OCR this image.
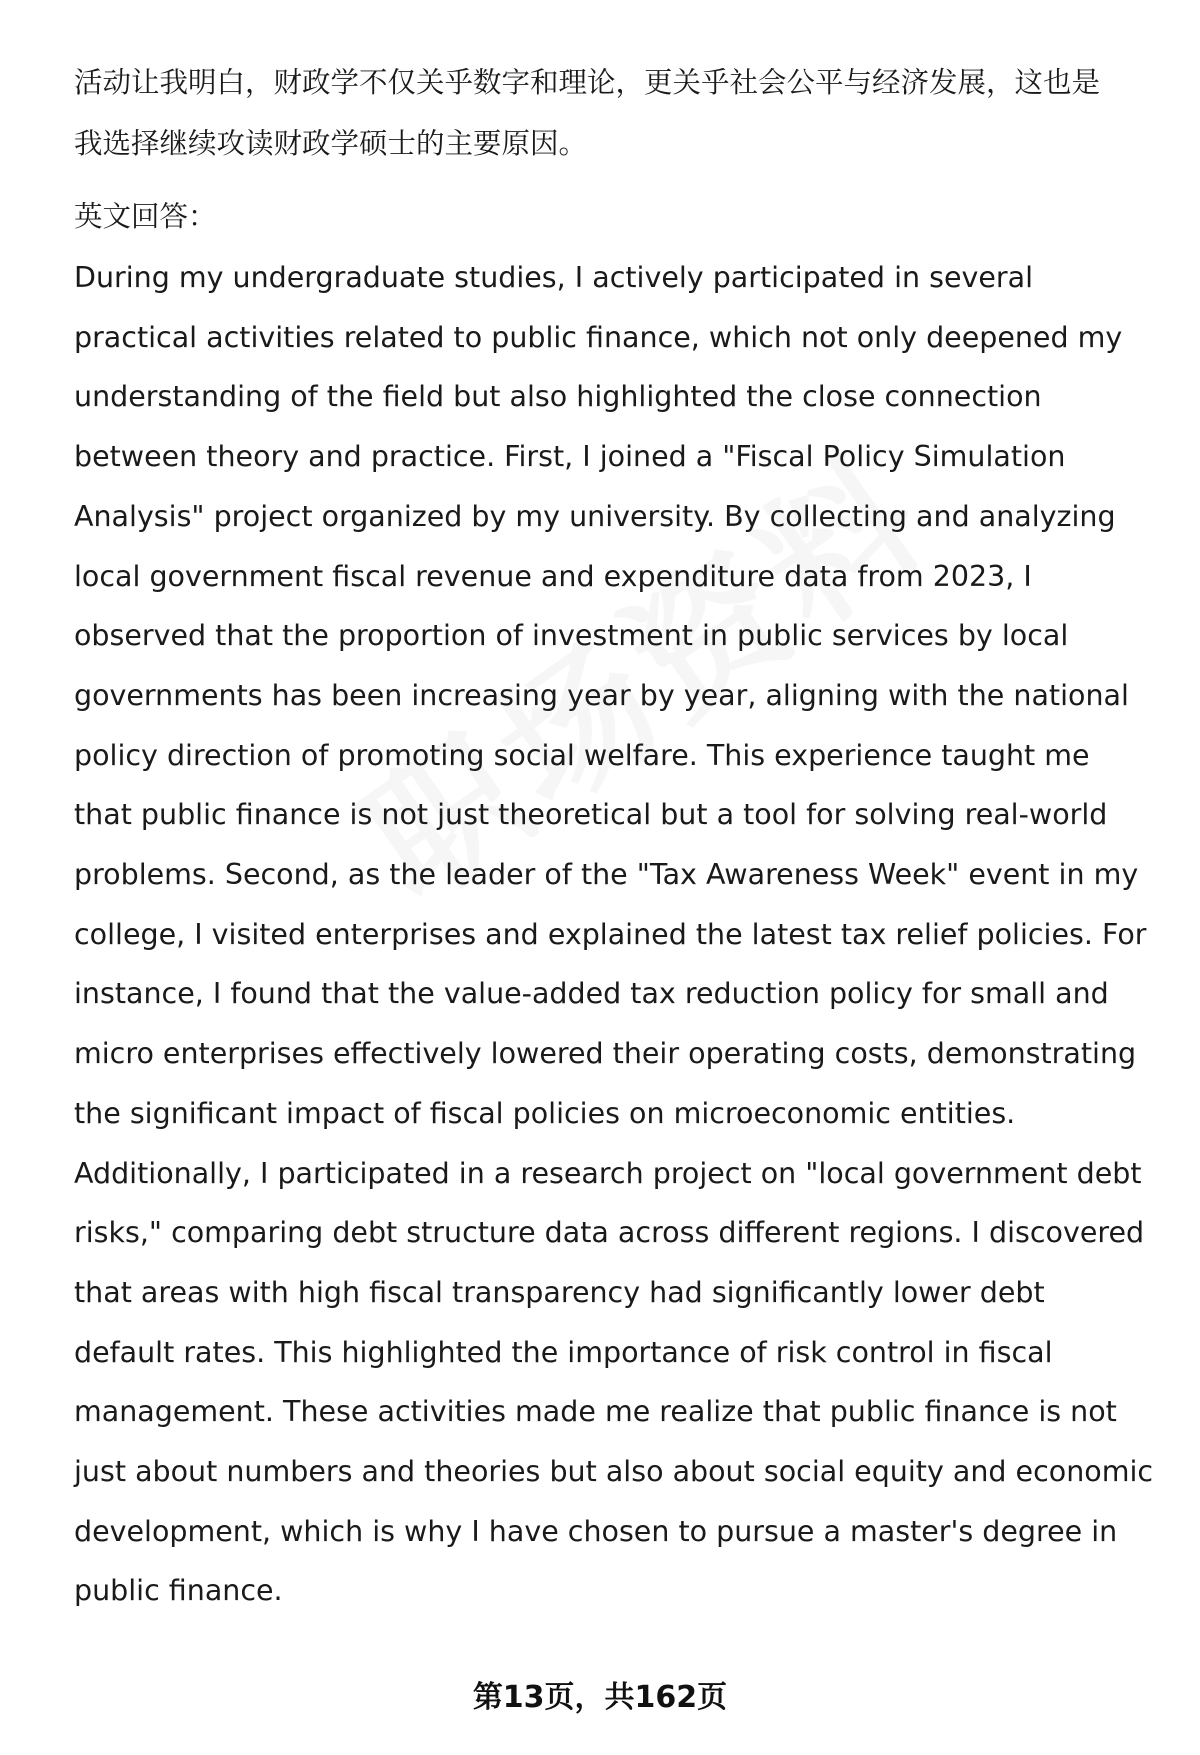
活动让我明白，财政学不仅关乎数字和理论，更关乎社会公平与经济发展，这也是
我选择继续攻读财政学硕士的主要原因。

英文回答：

During my undergraduate studies, I actively participated in several practical activities related to public finance, which not only deepened my understanding of the field but also highlighted the close connection between theory and practice. First, I joined a "Fiscal Policy Simulation Analysis" project organized by my university. By collecting and analyzing local government fiscal revenue and expenditure data from 2023, I observed that the proportion of investment in public services by local governments has been increasing year by year, aligning with the national policy direction of promoting social welfare. This experience taught me that public finance is not just theoretical but a tool for solving real-world problems. Second, as the leader of the "Tax Awareness Week" event in my college, I visited enterprises and explained the latest tax relief policies. For instance, I found that the value-added tax reduction policy for small and micro enterprises effectively lowered their operating costs, demonstrating the significant impact of fiscal policies on microeconomic entities. Additionally, I participated in a research project on "local government debt risks," comparing debt structure data across different regions. I discovered that areas with high fiscal transparency had significantly lower debt default rates. This highlighted the importance of risk control in fiscal management. These activities made me realize that public finance is not just about numbers and theories but also about social equity and economic development, which is why I have chosen to pursue a master's degree in public finance.

第13页，共162页
